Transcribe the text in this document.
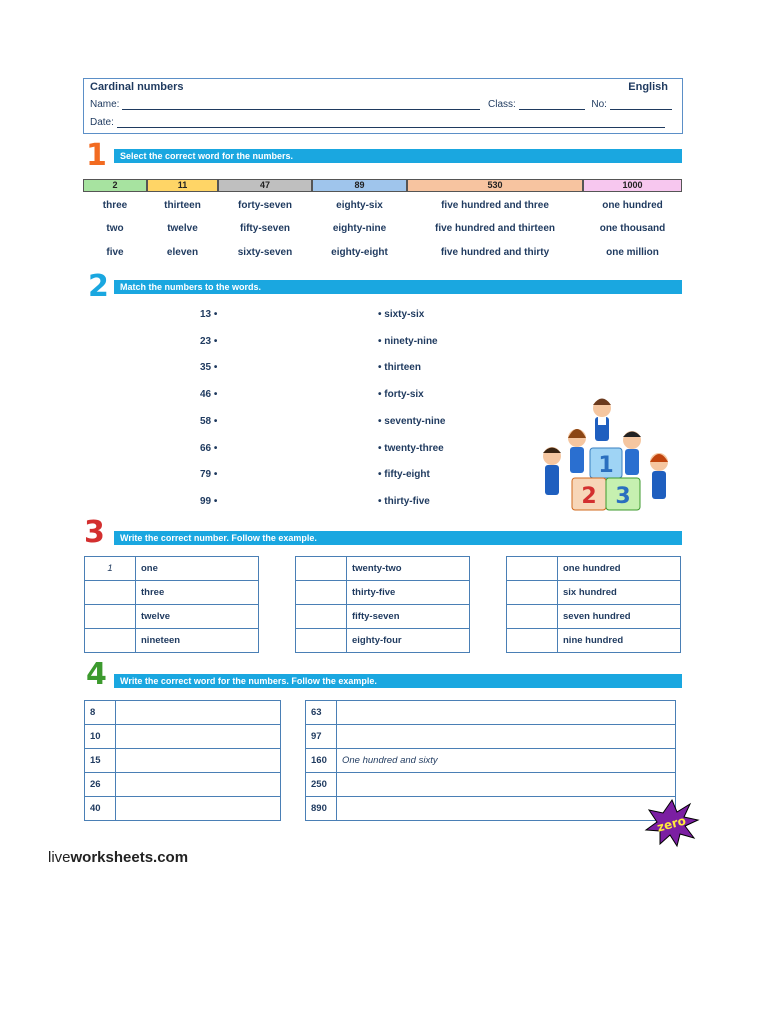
Cardinal numbers	English
Name:	Class:	No:
Date:
1	Select the correct word for the numbers.
2	11	47	89	530	1000
three	thirteen	forty-seven	eighty-six	five hundred and three	one hundred
two	twelve	fifty-seven	eighty-nine	five hundred and thirteen	one thousand
five	eleven	sixty-seven	eighty-eight	five hundred and thirty	one million
2	Match the numbers to the words.
13 •	• sixty-six
23 •	• ninety-nine
35 •	• thirteen
46 •	• forty-six
58 •	• seventy-nine
66 •	• twenty-three
79 •	• fifty-eight
99 •	• thirty-five
1
2 3
3	Write the correct number. Follow the example.
1	one
	three
	twelve
	nineteen
	twenty-two
	thirty-five
	fifty-seven
	eighty-four
	one hundred
	six hundred
	seven hundred
	nine hundred
4	Write the correct word for the numbers. Follow the example.
8	
10	
15	
26	
40	
63	
97	
160	One hundred and sixty
250	
890	
zero
liveworksheets.com
